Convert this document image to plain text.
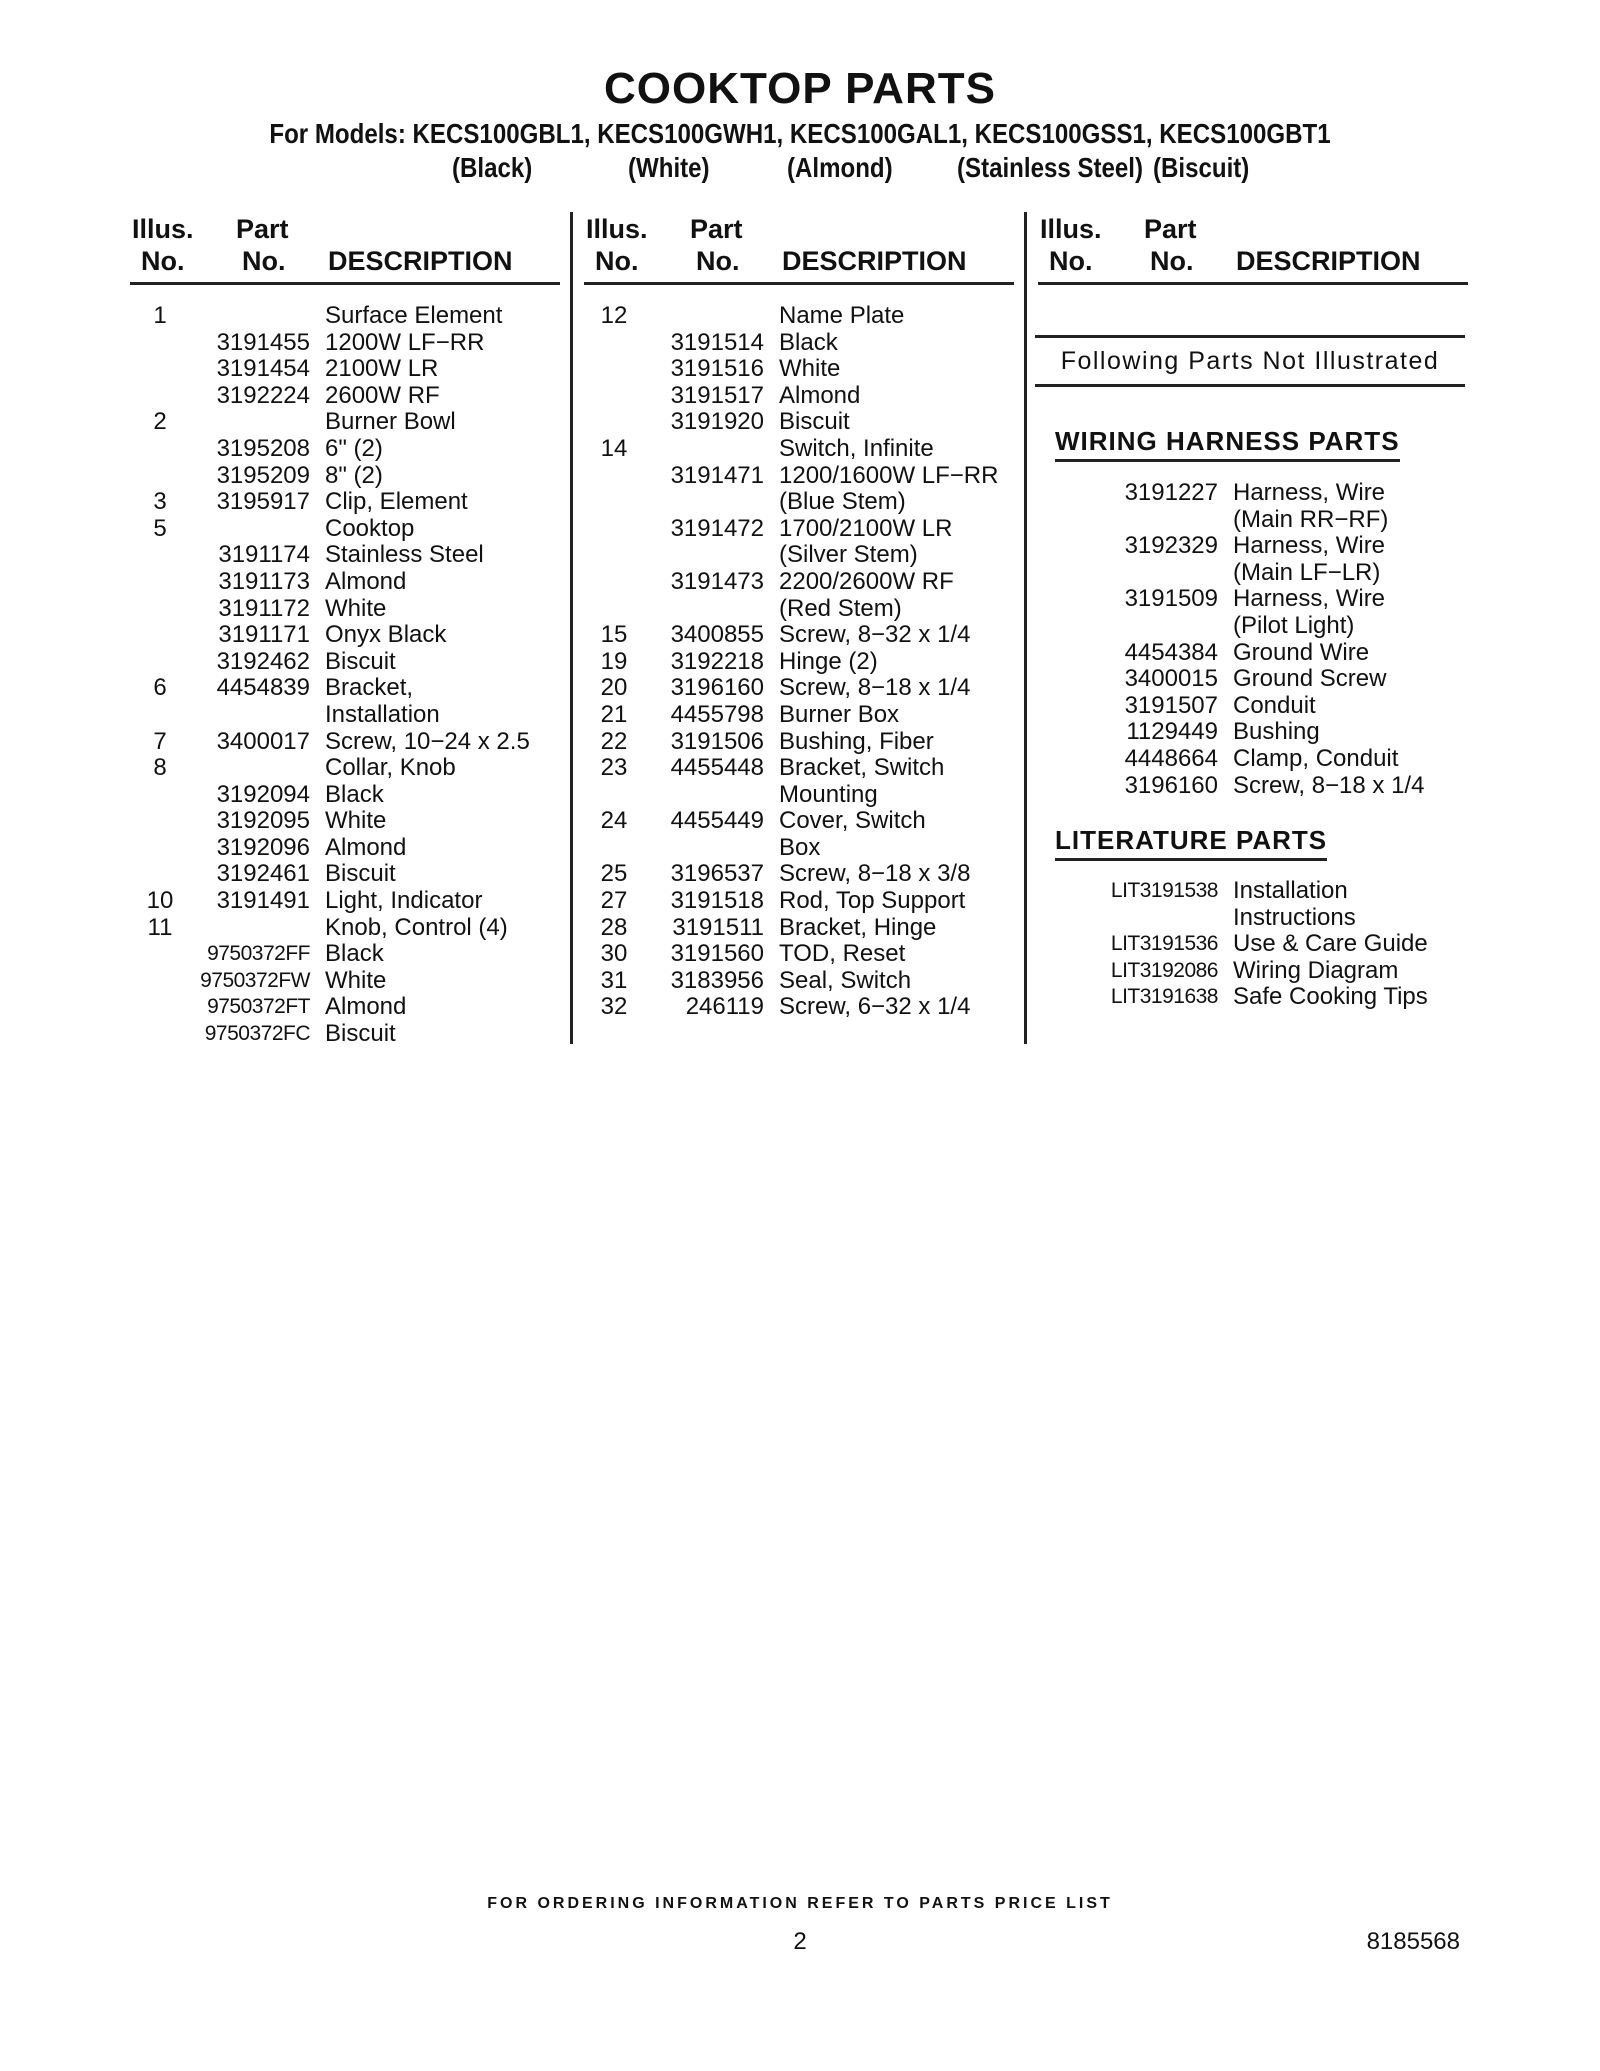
COOKTOP PARTS
For Models: KECS100GBL1, KECS100GWH1, KECS100GAL1, KECS100GSS1, KECS100GBT1
(Black)	(White)	(Almond) (Stainless Steel) (Biscuit)
Illus.
No.
Part
No. DESCRIPTION
1	Surface Element
3191455 1200W LF−RR
3191454 2100W LR
3192224 2600W RF
2	Burner Bowl
3195208 6" (2)
3195209 8" (2)
3	3195917 Clip, Element
5	Cooktop
3191174 Stainless Steel
3191173 Almond
3191172 White
3191171 Onyx Black
3192462 Biscuit
6	4454839 Bracket,
Installation
7	3400017 Screw, 10−24 x 2.5
8	Collar, Knob
3192094 Black
3192095 White
3192096 Almond
3192461 Biscuit
10	3191491 Light, Indicator
11	Knob, Control (4)
9750372FF Black
9750372FW White
9750372FT Almond
9750372FC Biscuit
Illus.
No.
Part
No. DESCRIPTION
12	Name Plate
3191514 Black
3191516 White
3191517 Almond
3191920 Biscuit
14	Switch, Infinite
3191471 1200/1600W LF−RR
(Blue Stem)
3191472 1700/2100W LR
(Silver Stem)
3191473 2200/2600W RF
(Red Stem)
15	3400855 Screw, 8−32 x 1/4
19	3192218 Hinge (2)
20	3196160 Screw, 8−18 x 1/4
21	4455798 Burner Box
22	3191506 Bushing, Fiber
23	4455448 Bracket, Switch
Mounting
24	4455449 Cover, Switch
Box
25	3196537 Screw, 8−18 x 3/8
27	3191518 Rod, Top Support
28	3191511 Bracket, Hinge
30	3191560 TOD, Reset
31	3183956 Seal, Switch
32	246119 Screw, 6−32 x 1/4
Illus.
No.
Part
No. DESCRIPTION
Following Parts Not Illustrated
WIRING HARNESS PARTS
3191227 Harness, Wire
(Main RR−RF)
3192329 Harness, Wire
(Main LF−LR)
3191509 Harness, Wire
(Pilot Light)
4454384 Ground Wire
3400015 Ground Screw
3191507 Conduit
1129449 Bushing
4448664 Clamp, Conduit
3196160 Screw, 8−18 x 1/4
LITERATURE PARTS
LIT3191538 Installation
Instructions
LIT3191536 Use & Care Guide
LIT3192086 Wiring Diagram
LIT3191638 Safe Cooking Tips
FOR ORDERING INFORMATION REFER TO PARTS PRICE LIST
2	8185568
